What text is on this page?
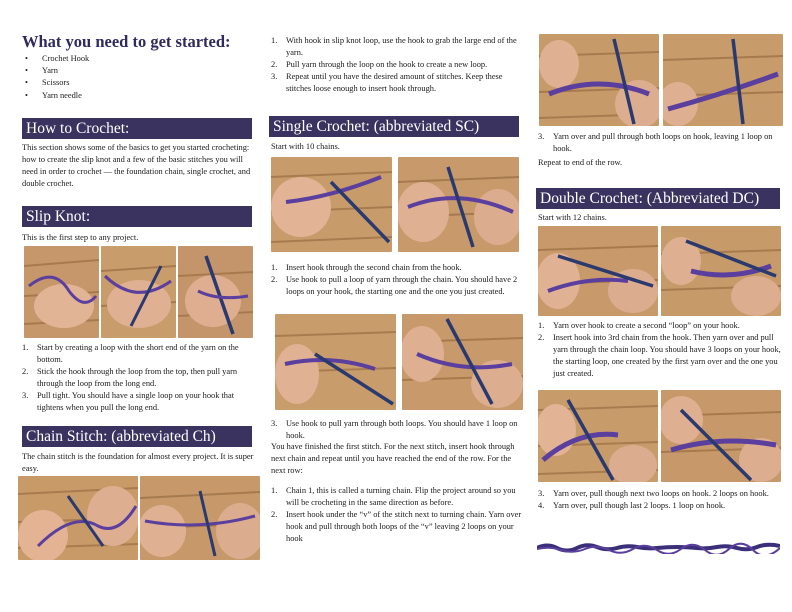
What you need to get started:
• Crochet Hook
• Yarn
• Scissors
• Yarn needle
How to Crochet:
This section shows some of the basics to get you started crocheting: how to create the slip knot and a few of the basic stitches you will need in order to crochet — the foundation chain, single crochet, and double crochet.
Slip Knot:
This is the first step to any project.
1. Start by creating a loop with the short end of the yarn on the bottom.
2. Stick the hook through the loop from the top, then pull yarn through the loop from the long end.
3. Pull tight. You should have a single loop on your hook that tightens when you pull the long end.
Chain Stitch: (abbreviated Ch)
The chain stitch is the foundation for almost every project. It is super easy.
1. With hook in slip knot loop, use the hook to grab the large end of the yarn.
2. Pull yarn through the loop on the hook to create a new loop.
3. Repeat until you have the desired amount of stitches. Keep these stitches loose enough to insert hook through.
Single Crochet: (abbreviated SC)
Start with 10 chains.
1. Insert hook through the second chain from the hook.
2. Use hook to pull a loop of yarn through the chain. You should have 2 loops on your hook, the starting one and the one you just created.
3. Use hook to pull yarn through both loops. You should have 1 loop on hook.
You have finished the first stitch. For the next stitch, insert hook through next chain and repeat until you have reached the end of the row. For the next row:
1. Chain 1, this is called a turning chain. Flip the project around so you will be crocheting in the same direction as before.
2. Insert hook under the “v” of the stitch next to turning chain. Yarn over hook and pull through both loops of the “v” leaving 2 loops on your hook
3. Yarn over and pull through both loops on hook, leaving 1 loop on hook.
Repeat to end of the row.
Double Crochet: (Abbreviated DC)
Start with 12 chains.
1. Yarn over hook to create a second “loop” on your hook.
2. Insert hook into 3rd chain from the hook. Then yarn over and pull yarn through the chain loop. You should have 3 loops on your hook, the starting loop, one created by the first yarn over and the one you just created.
3. Yarn over, pull though next two loops on hook. 2 loops on hook.
4. Yarn over, pull though last 2 loops. 1 loop on hook.
